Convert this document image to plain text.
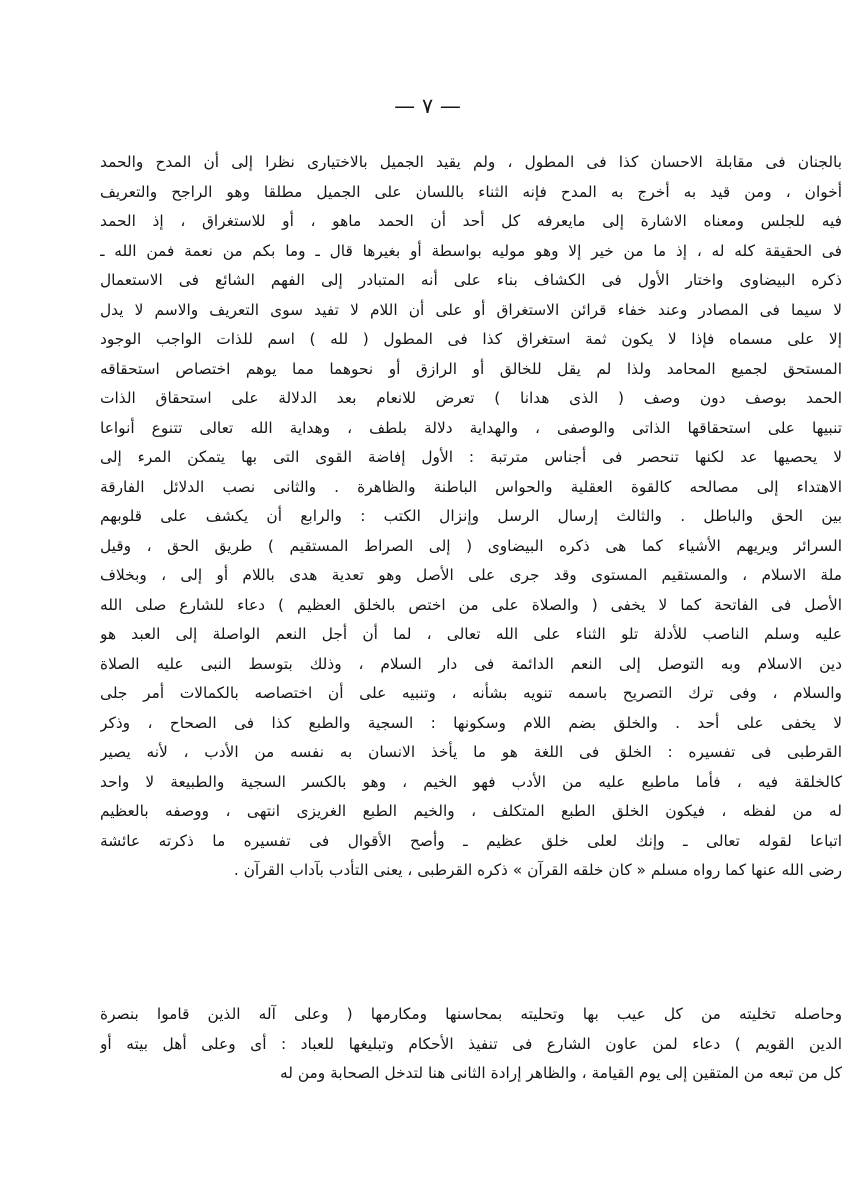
— ٧ —
بالجنان فى مقابلة الاحسان كذا فى المطول ، ولم يقيد الجميل بالاختيارى نظرا إلى أن المدح والحمد
أخوان ، ومن قيد به أخرج به المدح فإنه الثناء باللسان على الجميل مطلقا وهو الراجح والتعريف
فيه للجلس ومعناه الاشارة إلى مايعرفه كل أحد أن الحمد ماهو ، أو للاستغراق ، إذ الحمد
فى الحقيقة كله له ، إذ ما من خير إلا وهو موليه بواسطة أو بغيرها قال ـ وما بكم من نعمة فمن الله ـ
ذكره البيضاوى واختار الأول فى الكشاف بناء على أنه المتبادر إلى الفهم الشائع فى الاستعمال
لا سيما فى المصادر وعند خفاء قرائن الاستغراق أو على أن اللام لا تفيد سوى التعريف والاسم لا يدل
إلا على مسماه فإذا لا يكون ثمة استغراق كذا فى المطول ( لله ) اسم للذات الواجب الوجود
المستحق لجميع المحامد ولذا لم يقل للخالق أو الرازق أو نحوهما مما يوهم اختصاص استحقاقه
الحمد بوصف دون وصف ( الذى هدانا ) تعرض للانعام بعد الدلالة على استحقاق الذات
تنبيها على استحقاقها الذاتى والوصفى ، والهداية دلالة بلطف ، وهداية الله تعالى تتنوع أنواعا
لا يحصيها عد لكنها تنحصر فى أجناس مترتبة : الأول إفاضة القوى التى بها يتمكن المرء إلى
الاهتداء إلى مصالحه كالقوة العقلية والحواس الباطنة والظاهرة . والثانى نصب الدلائل الفارقة
بين الحق والباطل . والثالث إرسال الرسل وإنزال الكتب : والرابع أن يكشف على قلوبهم
السرائر ويريهم الأشياء كما هى ذكره البيضاوى ( إلى الصراط المستقيم ) طريق الحق ، وقيل
ملة الاسلام ، والمستقيم المستوى وقد جرى على الأصل وهو تعدية هدى باللام أو إلى ، وبخلاف
الأصل فى الفاتحة كما لا يخفى ( والصلاة على من اختص بالخلق العظيم ) دعاء للشارع صلى الله
عليه وسلم الناصب للأدلة تلو الثناء على الله تعالى ، لما أن أجل النعم الواصلة إلى العبد هو
دين الاسلام وبه التوصل إلى النعم الدائمة فى دار السلام ، وذلك بتوسط النبى عليه الصلاة
والسلام ، وفى ترك التصريح باسمه تنويه بشأنه ، وتنبيه على أن اختصاصه بالكمالات أمر جلى
لا يخفى على أحد . والخلق بضم اللام وسكونها : السجية والطبع كذا فى الصحاح ، وذكر
القرطبى فى تفسيره : الخلق فى اللغة هو ما يأخذ الانسان به نفسه من الأدب ، لأنه يصير
كالخلقة فيه ، فأما ماطبع عليه من الأدب فهو الخيم ، وهو بالكسر السجية والطبيعة لا واحد
له من لفظه ، فيكون الخلق الطبع المتكلف ، والخيم الطبع الغريزى انتهى ، ووصفه بالعظيم
اتباعا لقوله تعالى ـ وإنك لعلى خلق عظيم ـ وأصح الأقوال فى تفسيره ما ذكرته عائشة
رضى الله عنها كما رواه مسلم « كان خلقه القرآن » ذكره القرطبى ، يعنى التأدب بآداب القرآن .
وحاصله تخليته من كل عيب بها وتحليته بمحاسنها ومكارمها ( وعلى آله الذين قاموا بنصرة
الدين القويم ) دعاء لمن عاون الشارع فى تنفيذ الأحكام وتبليغها للعباد : أى وعلى أهل بيته أو
كل من تبعه من المتقين إلى يوم القيامة ، والظاهر إرادة الثانى هنا لتدخل الصحابة ومن له
